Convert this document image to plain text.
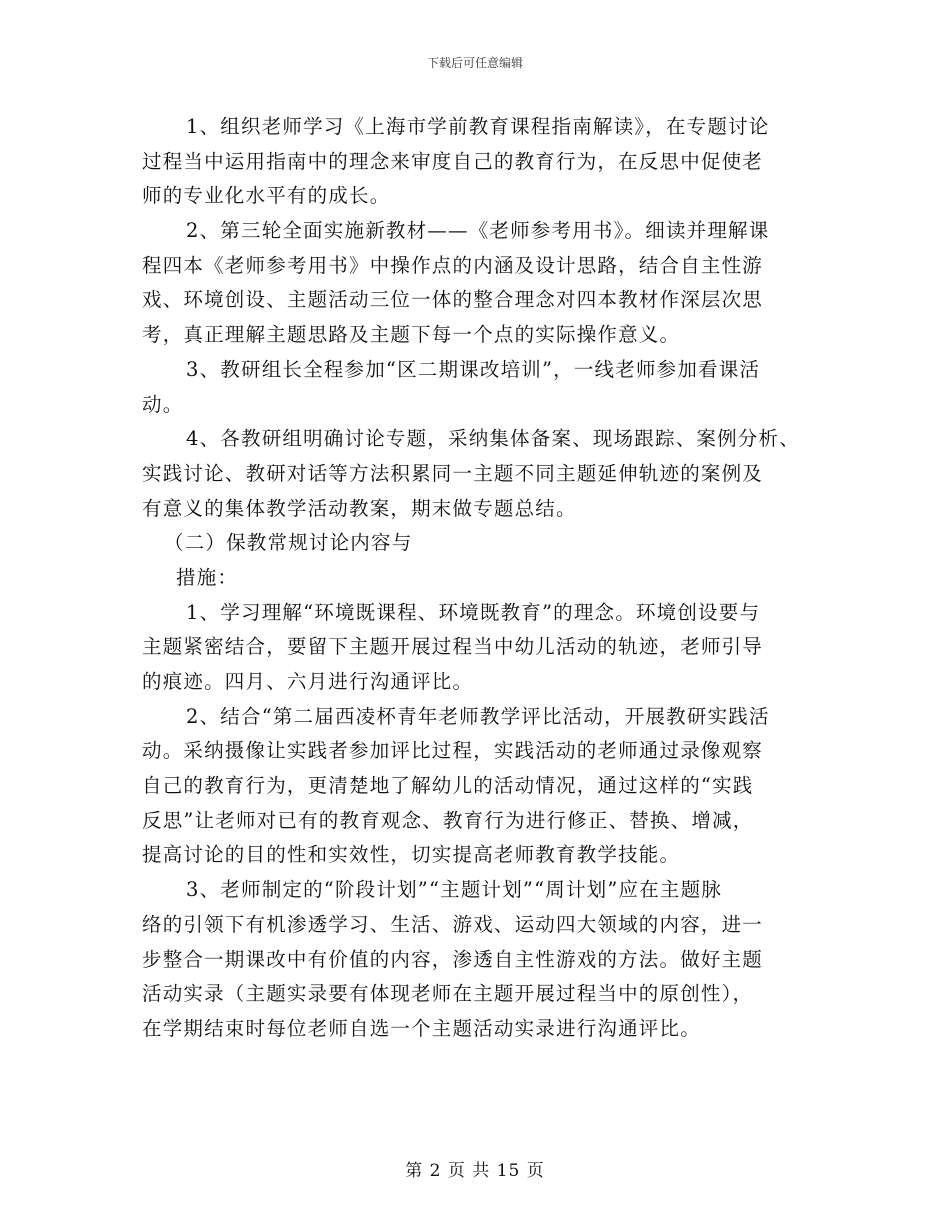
下载后可任意编辑
1、组织老师学习《上海市学前教育课程指南解读》，在专题讨论
过程当中运用指南中的理念来审度自己的教育行为，在反思中促使老
师的专业化水平有的成长。
2、第三轮全面实施新教材——《老师参考用书》。细读并理解课
程四本《老师参考用书》中操作点的内涵及设计思路，结合自主性游
戏、环境创设、主题活动三位一体的整合理念对四本教材作深层次思
考，真正理解主题思路及主题下每一个点的实际操作意义。
3、教研组长全程参加“区二期课改培训”，一线老师参加看课活
动。
4、各教研组明确讨论专题，采纳集体备案、现场跟踪、案例分析、
实践讨论、教研对话等方法积累同一主题不同主题延伸轨迹的案例及
有意义的集体教学活动教案，期末做专题总结。
（二）保教常规讨论内容与
措施：
1、学习理解“环境既课程、环境既教育”的理念。环境创设要与
主题紧密结合，要留下主题开展过程当中幼儿活动的轨迹，老师引导
的痕迹。四月、六月进行沟通评比。
2、结合“第二届西凌杯青年老师教学评比活动，开展教研实践活
动。采纳摄像让实践者参加评比过程，实践活动的老师通过录像观察
自己的教育行为，更清楚地了解幼儿的活动情况，通过这样的“实践
反思”让老师对已有的教育观念、教育行为进行修正、替换、增减，
提高讨论的目的性和实效性，切实提高老师教育教学技能。
3、老师制定的“阶段计划”“主题计划”“周计划”应在主题脉
络的引领下有机渗透学习、生活、游戏、运动四大领域的内容，进一
步整合一期课改中有价值的内容，渗透自主性游戏的方法。做好主题
活动实录（主题实录要有体现老师在主题开展过程当中的原创性），
在学期结束时每位老师自选一个主题活动实录进行沟通评比。
第 2 页 共 15 页
